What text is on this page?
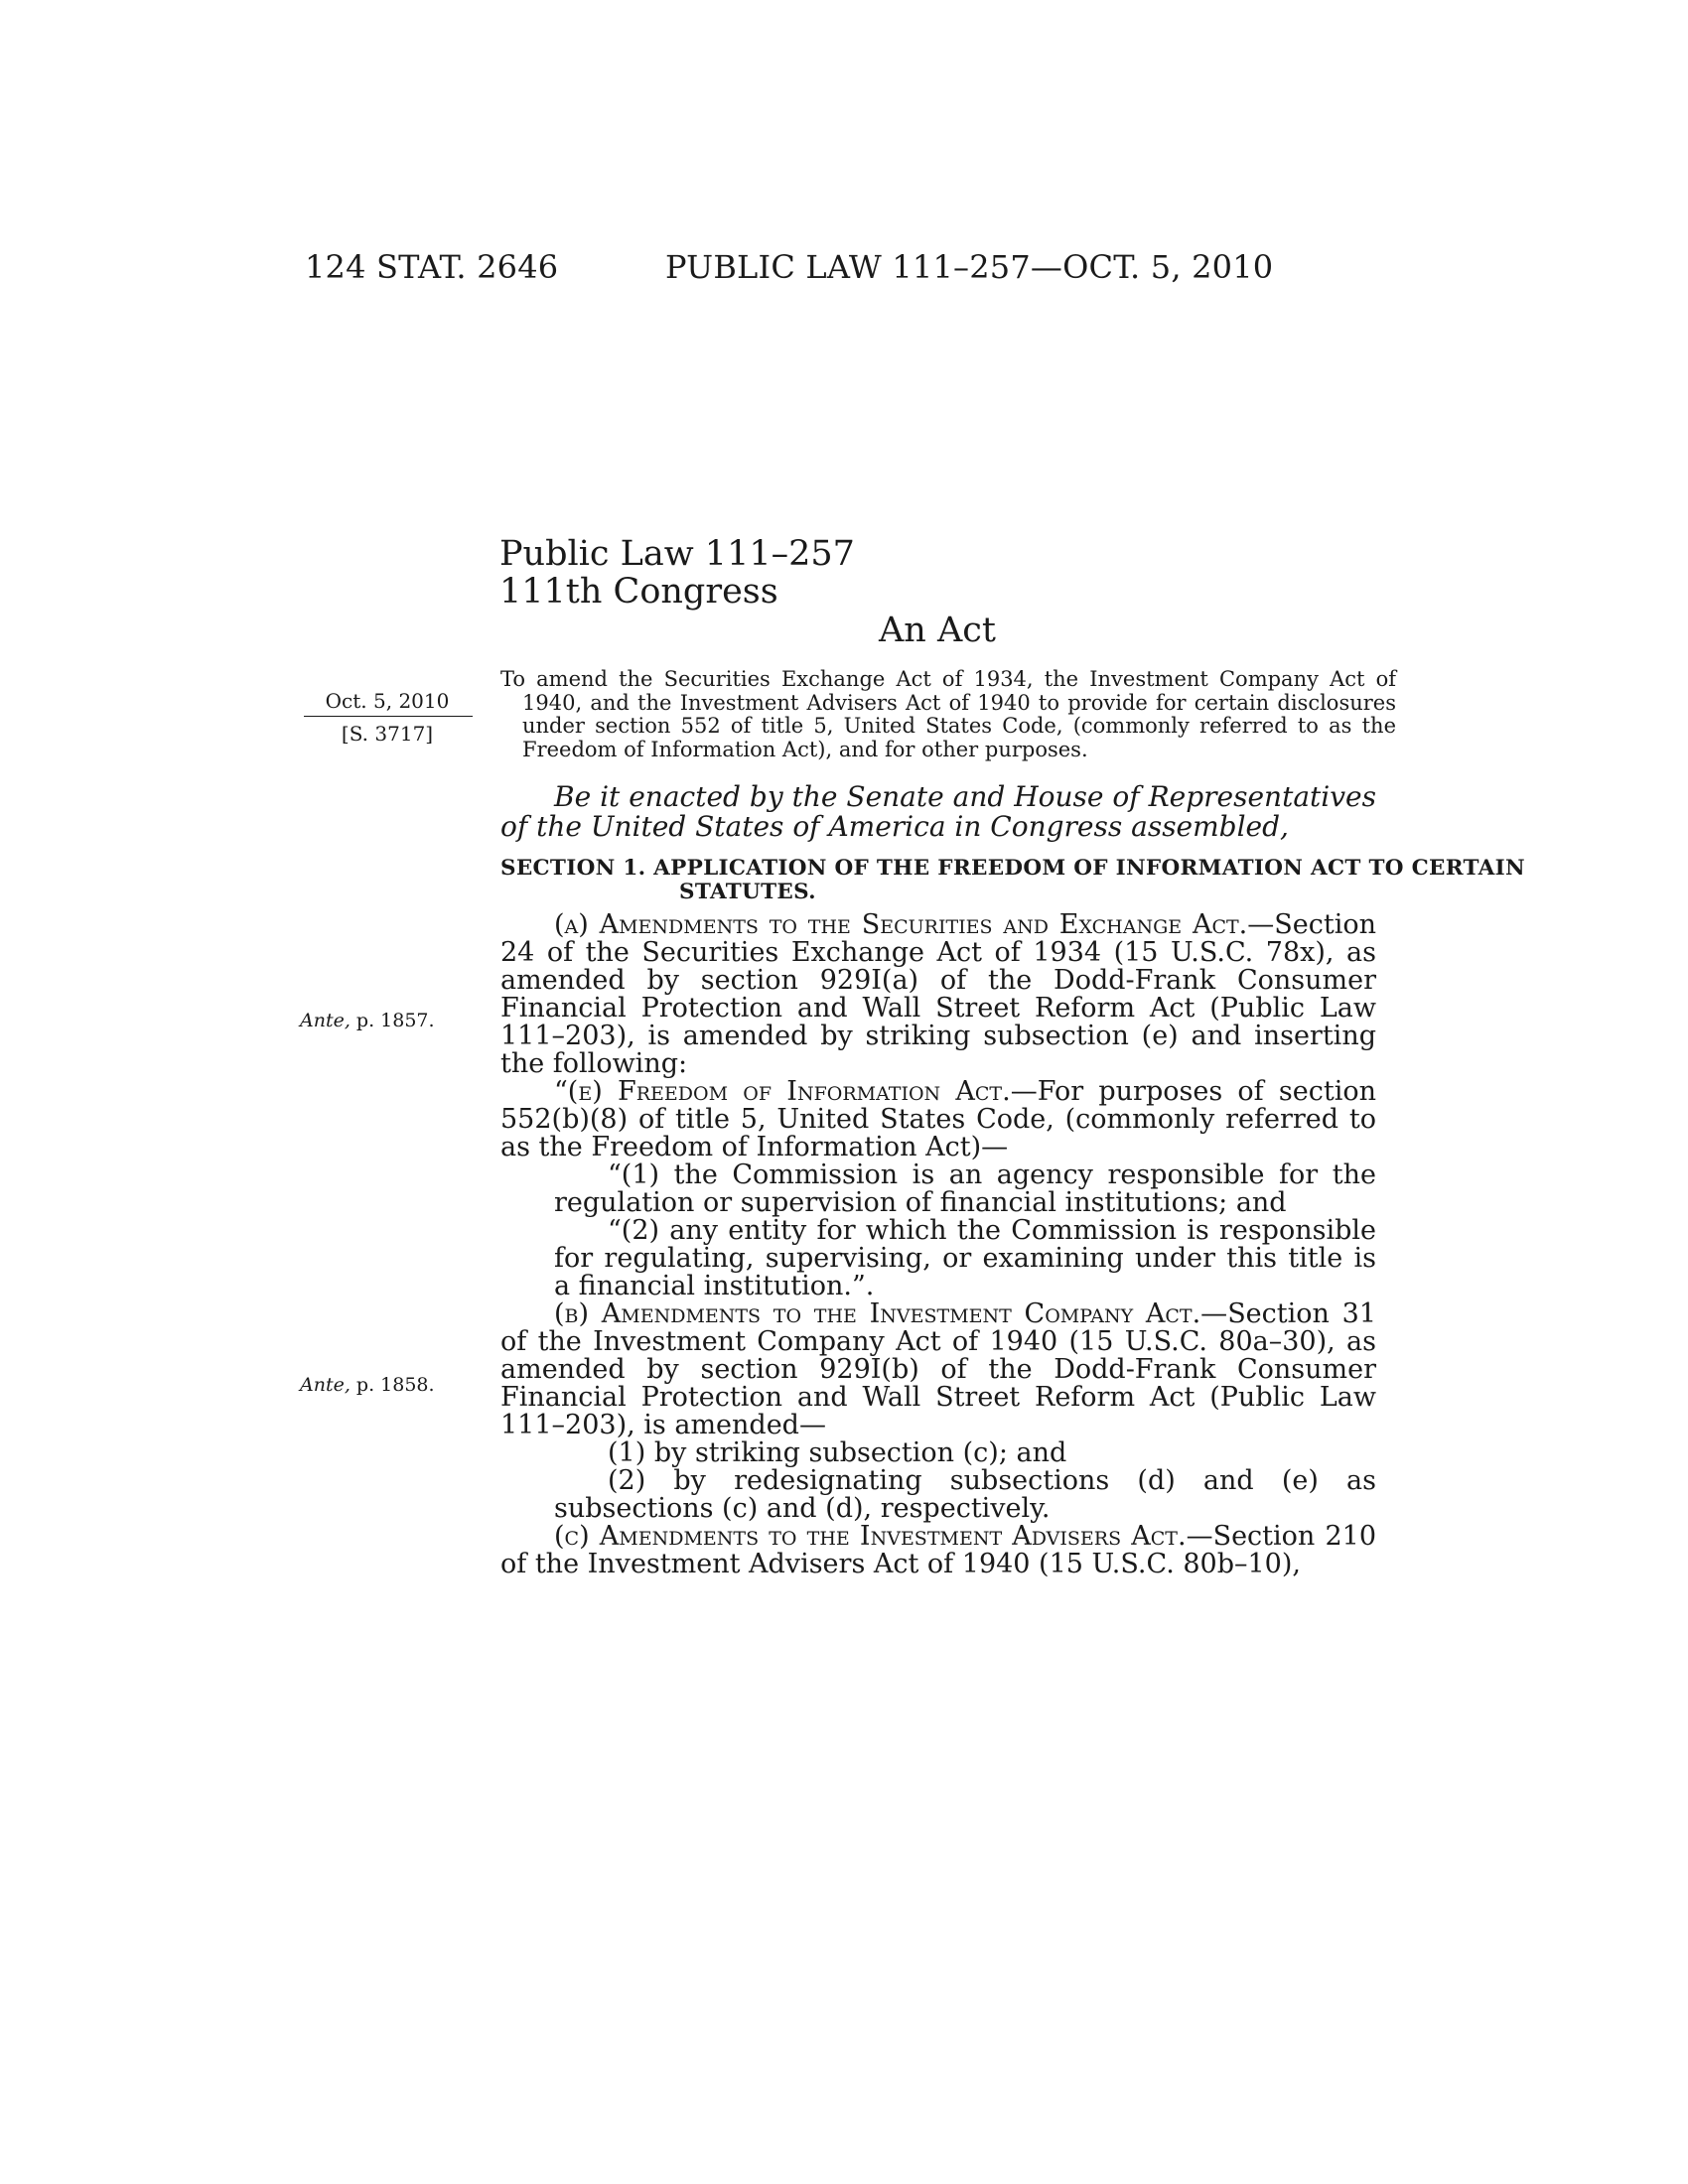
124 STAT. 2646	PUBLIC LAW 111–257—OCT. 5, 2010
Public Law 111–257
111th Congress
An Act
Oct. 5, 2010
[S. 3717]
Ante, p. 1857.
Ante, p. 1858.
To amend the Securities Exchange Act of 1934, the Investment Company Act of 1940, and the Investment Advisers Act of 1940 to provide for certain disclosures under section 552 of title 5, United States Code, (commonly referred to as the Freedom of Information Act), and for other purposes.
Be it enacted by the Senate and House of Representatives of the United States of America in Congress assembled,
SECTION 1. APPLICATION OF THE FREEDOM OF INFORMATION ACT TO CERTAIN STATUTES.

(a) Amendments to the Securities and Exchange Act.—Section 24 of the Securities Exchange Act of 1934 (15 U.S.C. 78x), as amended by section 929I(a) of the Dodd-Frank Consumer Financial Protection and Wall Street Reform Act (Public Law 111–203), is amended by striking subsection (e) and inserting the following:

“(e) Freedom of Information Act.—For purposes of section 552(b)(8) of title 5, United States Code, (commonly referred to as the Freedom of Information Act)—

“(1) the Commission is an agency responsible for the regulation or supervision of financial institutions; and

“(2) any entity for which the Commission is responsible for regulating, supervising, or examining under this title is a financial institution.”.

(b) Amendments to the Investment Company Act.—Section 31 of the Investment Company Act of 1940 (15 U.S.C. 80a–30), as amended by section 929I(b) of the Dodd-Frank Consumer Financial Protection and Wall Street Reform Act (Public Law 111–203), is amended—

(1) by striking subsection (c); and

(2) by redesignating subsections (d) and (e) as subsections (c) and (d), respectively.

(c) Amendments to the Investment Advisers Act.—Section 210 of the Investment Advisers Act of 1940 (15 U.S.C. 80b–10),
